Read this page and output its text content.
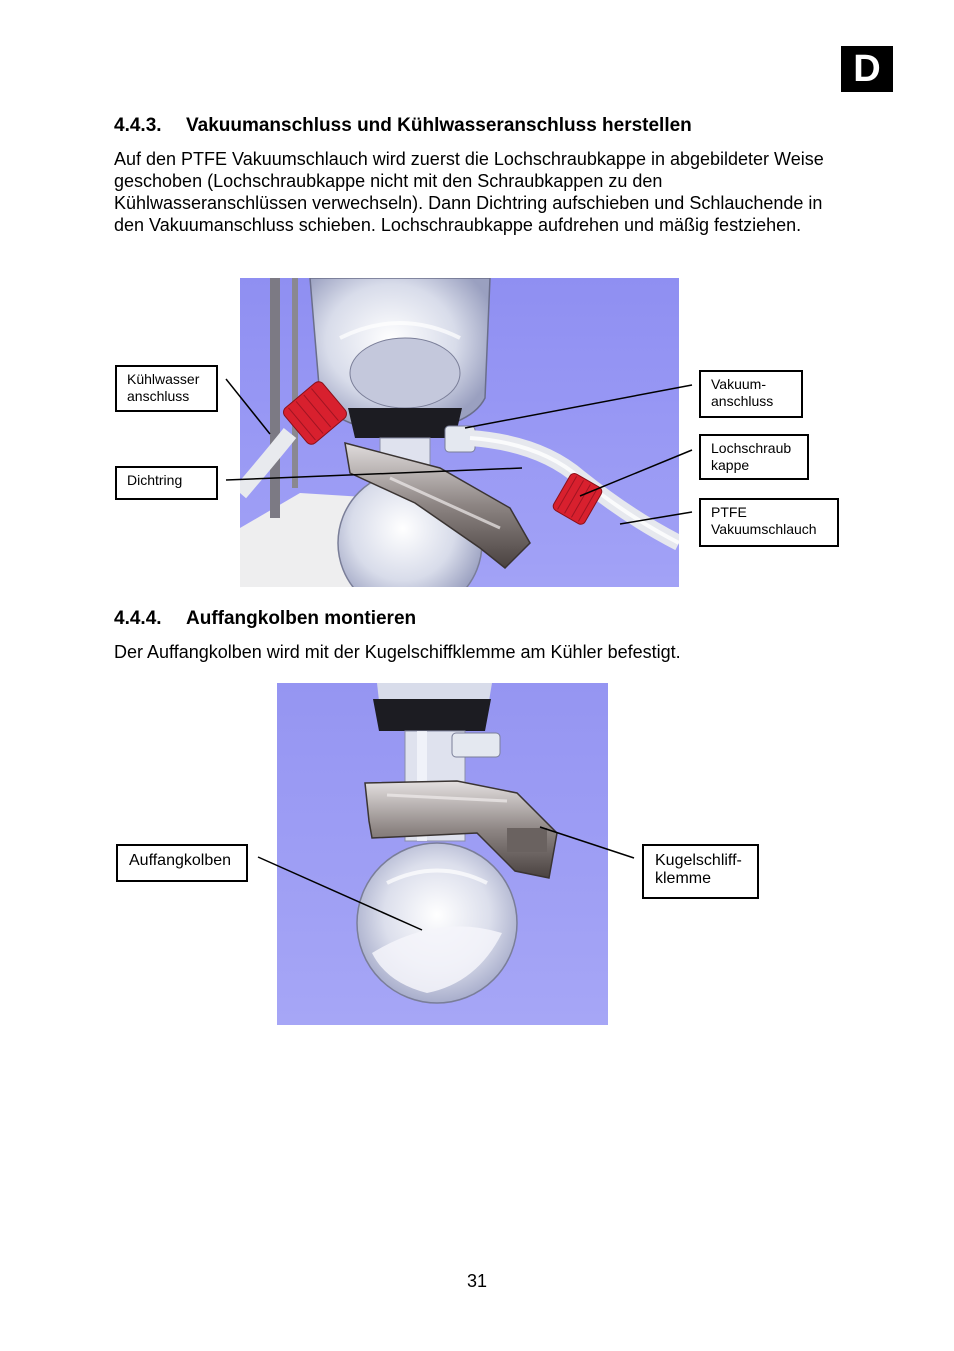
D
4.4.3. Vakuumanschluss und Kühlwasseranschluss herstellen

Auf den PTFE Vakuumschlauch wird zuerst die Lochschraubkappe in abgebildeter Weise geschoben (Lochschraubkappe nicht mit den Schraubkappen zu den Kühlwasseranschlüssen verwechseln). Dann Dichtring aufschieben und Schlauchende in den Vakuumanschluss schieben. Lochschraubkappe aufdrehen und mäßig festziehen.

Kühlwasser
anschluss
Dichtring
Vakuum-
anschluss
Lochschraub
kappe
PTFE
Vakuumschlauch
4.4.4. Auffangkolben montieren

Der Auffangkolben wird mit der Kugelschiffklemme am Kühler befestigt.

Auffangkolben	Kugelschliff-
klemme
31
